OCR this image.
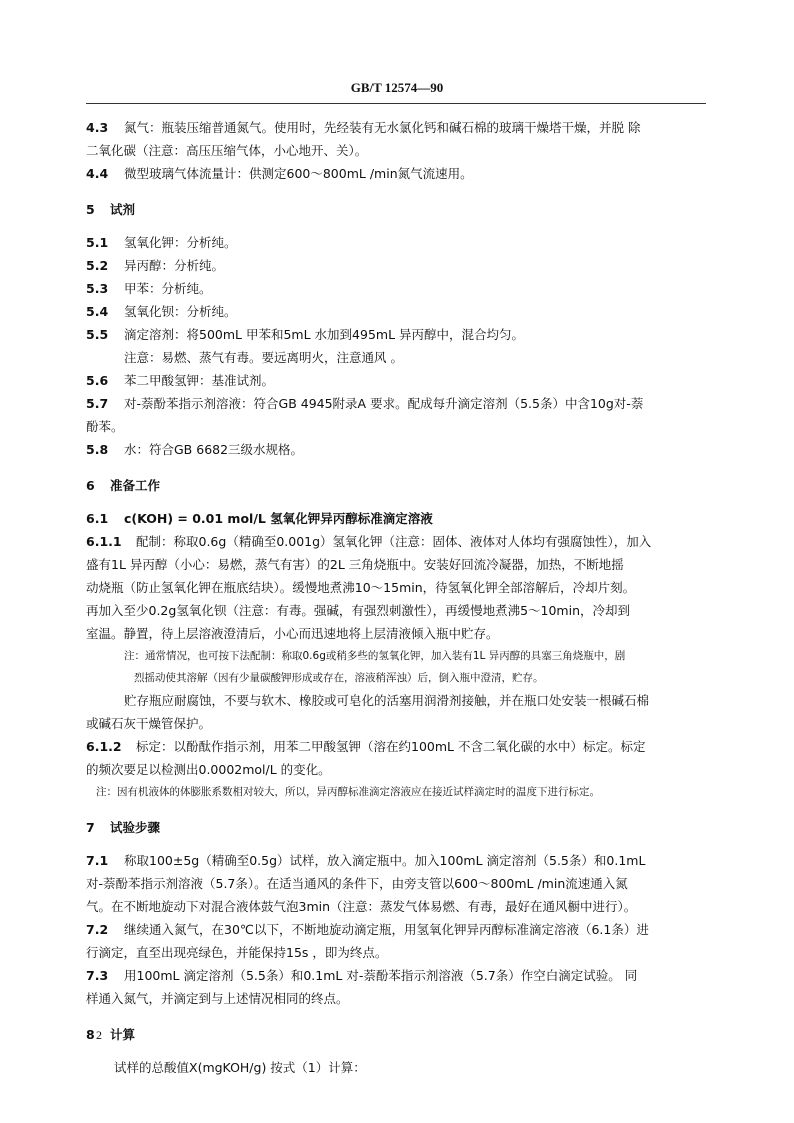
GB/T 12574—90
4.3 氮气：瓶装压缩普通氮气。使用时，先经装有无水氯化钙和碱石棉的玻璃干燥塔干燥，并脱 除
二氧化碳（注意：高压压缩气体，小心地开、关）。
4.4 微型玻璃气体流量计：供测定600～800mL /min氮气流速用。
5 试剂
5.1 氢氧化钾：分析纯。
5.2 异丙醇：分析纯。
5.3 甲苯：分析纯。
5.4 氢氧化钡：分析纯。
5.5 滴定溶剂：将500mL 甲苯和5mL 水加到495mL 异丙醇中，混合均匀。
注意：易燃、蒸气有毒。要远离明火，注意通风 。
5.6 苯二甲酸氢钾：基准试剂。
5.7 对-萘酚苯指示剂溶液：符合GB 4945附录A 要求。配成每升滴定溶剂（5.5条）中含10g对-萘
酚苯。
5.8 水：符合GB 6682三级水规格。
6 准备工作
6.1 c(KOH) = 0.01 mol/L 氢氧化钾异丙醇标准滴定溶液
6.1.1 配制：称取0.6g（精确至0.001g）氢氧化钾（注意：固体、液体对人体均有强腐蚀性），加入
盛有1L 异丙醇（小心：易燃，蒸气有害）的2L 三角烧瓶中。安装好回流冷凝器，加热，不断地摇
动烧瓶（防止氢氧化钾在瓶底结块）。缓慢地煮沸10～15min，待氢氧化钾全部溶解后，冷却片刻。
再加入至少0.2g氢氧化钡（注意：有毒。强碱，有强烈刺激性），再缓慢地煮沸5～10min，冷却到
室温。静置，待上层溶液澄清后，小心而迅速地将上层清液倾入瓶中贮存。
注：通常情况，也可按下法配制：称取0.6g或稍多些的氢氧化钾，加入装有1L 异丙醇的具塞三角烧瓶中，剧
烈摇动使其溶解（因有少量碳酸钾形成或存在，溶液稍浑浊）后，倒入瓶中澄清，贮存。
贮存瓶应耐腐蚀，不要与软木、橡胶或可皂化的活塞用润滑剂接触，并在瓶口处安装一根碱石棉
或碱石灰干燥管保护。
6.1.2 标定：以酚酞作指示剂，用苯二甲酸氢钾（溶在约100mL 不含二氧化碳的水中）标定。标定
的频次要足以检测出0.0002mol/L 的变化。
注：因有机液体的体膨胀系数相对较大，所以，异丙醇标准滴定溶液应在接近试样滴定时的温度下进行标定。
7 试验步骤
7.1 称取100±5g（精确至0.5g）试样，放入滴定瓶中。加入100mL 滴定溶剂（5.5条）和0.1mL
对-萘酚苯指示剂溶液（5.7条）。在适当通风的条件下，由旁支管以600～800mL /min流速通入氮
气。在不断地旋动下对混合液体鼓气泡3min（注意：蒸发气体易燃、有毒，最好在通风橱中进行）。
7.2 继续通入氮气，在30℃以下，不断地旋动滴定瓶，用氢氧化钾异丙醇标准滴定溶液（6.1条）进
行滴定，直至出现亮绿色，并能保持15s ，即为终点。
7.3 用100mL 滴定溶剂（5.5条）和0.1mL 对-萘酚苯指示剂溶液（5.7条）作空白滴定试验。 同
样通入氮气，并滴定到与上述情况相同的终点。
8 计算
试样的总酸值X(mgKOH/g) 按式（1）计算：
2
